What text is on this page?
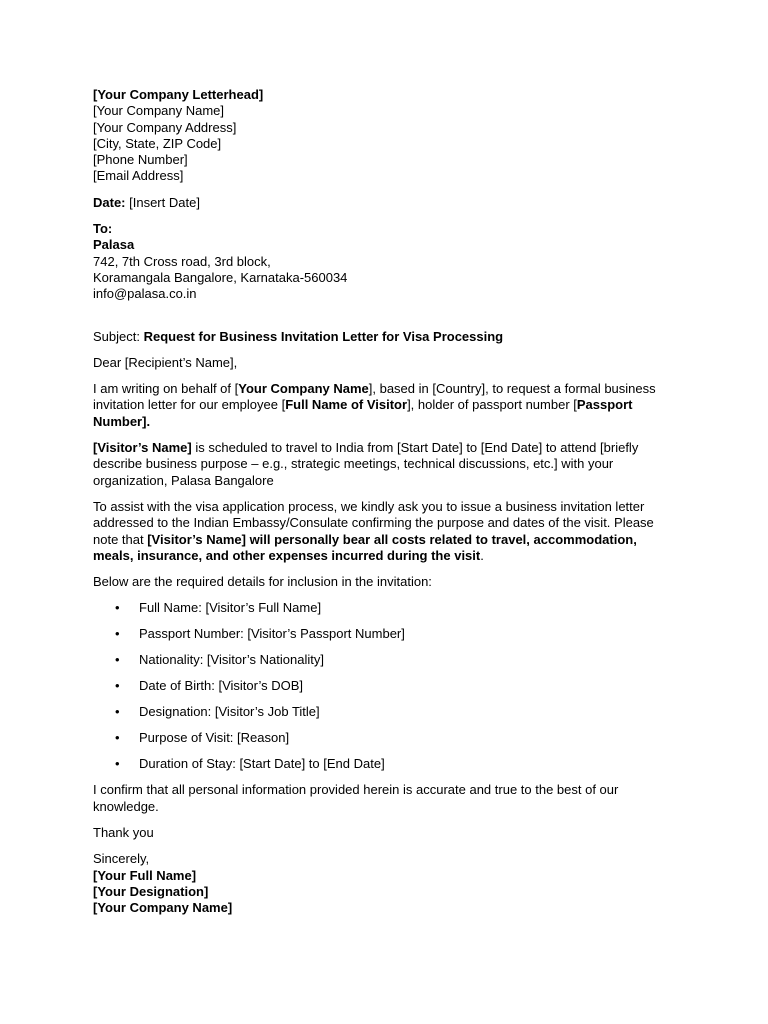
[Your Company Letterhead]
[Your Company Name]
[Your Company Address]
[City, State, ZIP Code]
[Phone Number]
[Email Address]

Date: [Insert Date]

To:
Palasa
742, 7th Cross road, 3rd block,
Koramangala Bangalore, Karnataka-560034
info@palasa.co.in

Subject: Request for Business Invitation Letter for Visa Processing

Dear [Recipient’s Name],

I am writing on behalf of [Your Company Name], based in [Country], to request a formal business invitation letter for our employee [Full Name of Visitor], holder of passport number [Passport Number].

[Visitor’s Name] is scheduled to travel to India from [Start Date] to [End Date] to attend [briefly describe business purpose – e.g., strategic meetings, technical discussions, etc.] with your organization, Palasa Bangalore

To assist with the visa application process, we kindly ask you to issue a business invitation letter addressed to the Indian Embassy/Consulate confirming the purpose and dates of the visit. Please note that [Visitor’s Name] will personally bear all costs related to travel, accommodation, meals, insurance, and other expenses incurred during the visit.

Below are the required details for inclusion in the invitation:

• Full Name: [Visitor’s Full Name]
• Passport Number: [Visitor’s Passport Number]
• Nationality: [Visitor’s Nationality]
• Date of Birth: [Visitor’s DOB]
• Designation: [Visitor’s Job Title]
• Purpose of Visit: [Reason]
• Duration of Stay: [Start Date] to [End Date]

I confirm that all personal information provided herein is accurate and true to the best of our knowledge.

Thank you

Sincerely,
[Your Full Name]
[Your Designation]
[Your Company Name]
